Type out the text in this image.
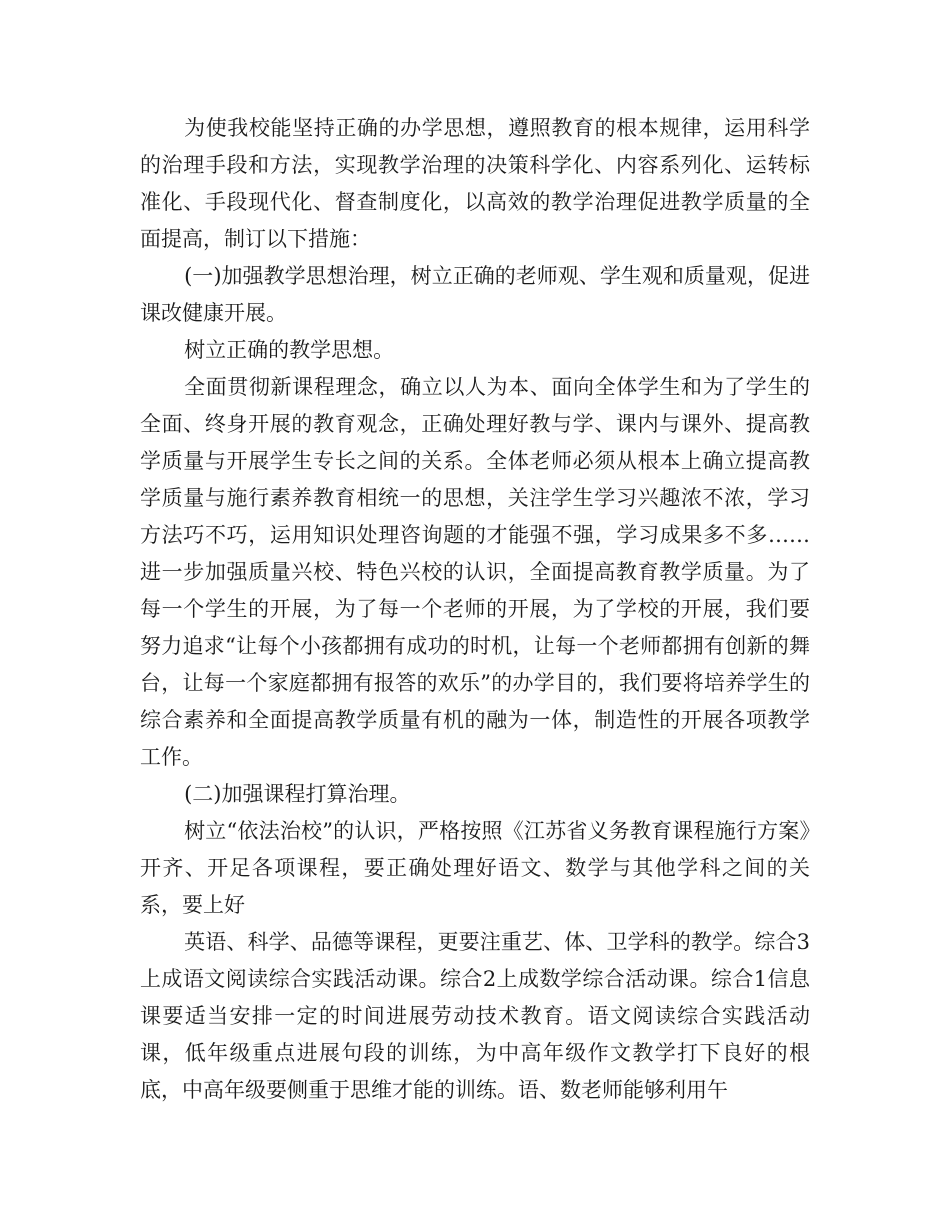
为使我校能坚持正确的办学思想，遵照教育的根本规律，运用科学的治理手段和方法，实现教学治理的决策科学化、内容系列化、运转标准化、手段现代化、督查制度化，以高效的教学治理促进教学质量的全面提高，制订以下措施：

(一)加强教学思想治理，树立正确的老师观、学生观和质量观，促进课改健康开展。

树立正确的教学思想。

全面贯彻新课程理念，确立以人为本、面向全体学生和为了学生的全面、终身开展的教育观念，正确处理好教与学、课内与课外、提高教学质量与开展学生专长之间的关系。全体老师必须从根本上确立提高教学质量与施行素养教育相统一的思想，关注学生学习兴趣浓不浓，学习方法巧不巧，运用知识处理咨询题的才能强不强，学习成果多不多……进一步加强质量兴校、特色兴校的认识，全面提高教育教学质量。为了每一个学生的开展，为了每一个老师的开展，为了学校的开展，我们要努力追求“让每个小孩都拥有成功的时机，让每一个老师都拥有创新的舞台，让每一个家庭都拥有报答的欢乐”的办学目的，我们要将培养学生的综合素养和全面提高教学质量有机的融为一体，制造性的开展各项教学工作。

(二)加强课程打算治理。

树立“依法治校”的认识，严格按照《江苏省义务教育课程施行方案》开齐、开足各项课程，要正确处理好语文、数学与其他学科之间的关系，要上好

英语、科学、品德等课程，更要注重艺、体、卫学科的教学。综合3上成语文阅读综合实践活动课。综合2上成数学综合活动课。综合1信息课要适当安排一定的时间进展劳动技术教育。语文阅读综合实践活动课，低年级重点进展句段的训练，为中高年级作文教学打下良好的根底，中高年级要侧重于思维才能的训练。语、数老师能够利用午
